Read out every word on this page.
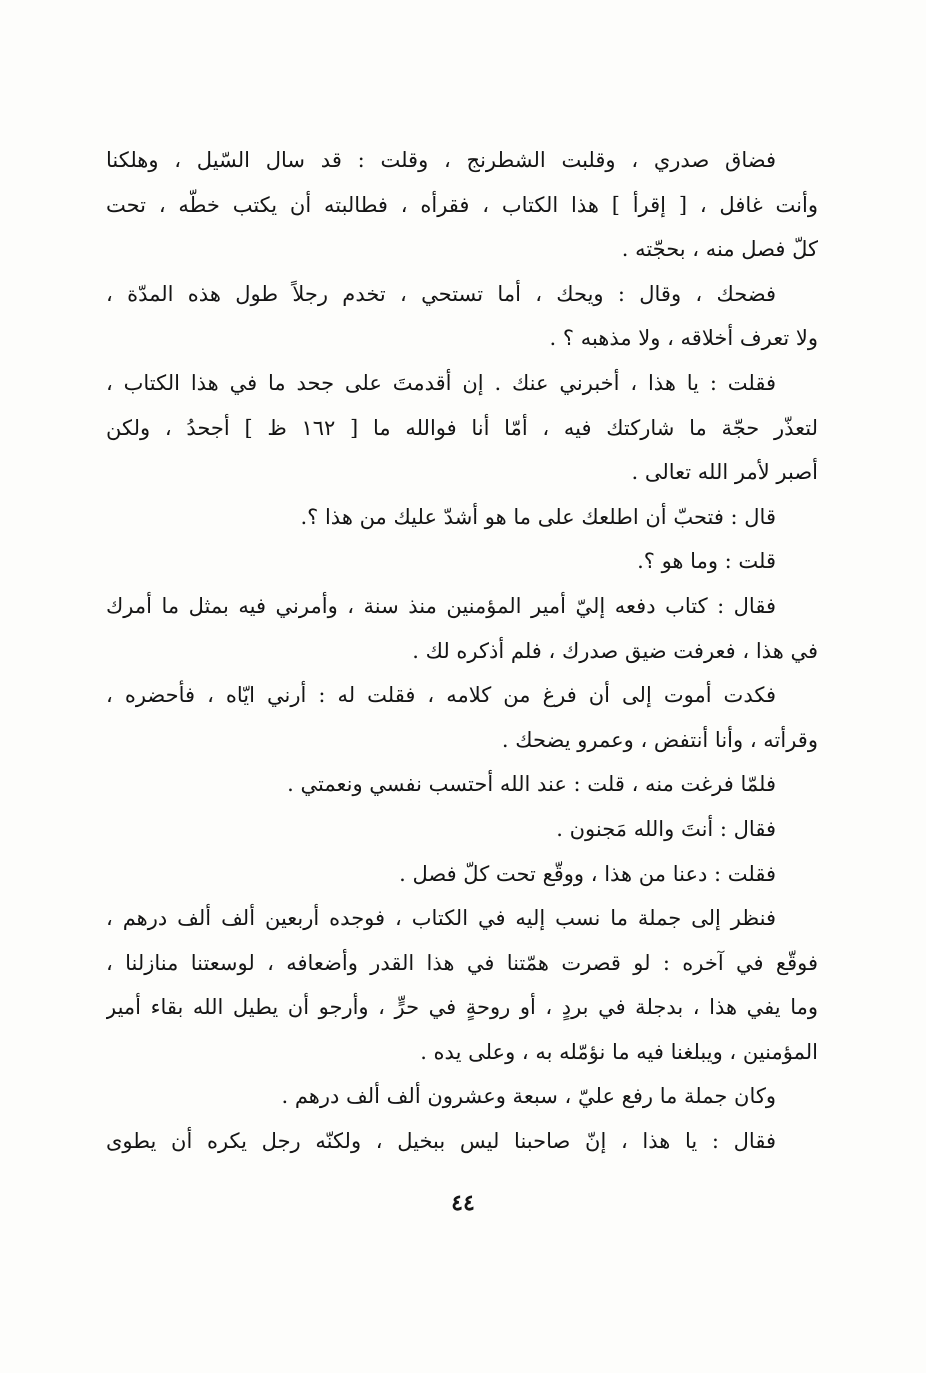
فضاق صدري ، وقلبت الشطرنج ، وقلت : قد سال السّيل ، وهلكنا
وأنت غافل ، [ إقرأ ] هذا الكتاب ، فقرأه ، فطالبته أن يكتب خطّه ، تحت
كلّ فصل منه ، بحجّته .
فضحك ، وقال : ويحك ، أما تستحي ، تخدم رجلاً طول هذه المدّة ،
ولا تعرف أخلاقه ، ولا مذهبه ؟ .
فقلت : يا هذا ، أخبرني عنك . إن أقدمتَ على جحد ما في هذا الكتاب ،
لتعذّر حجّة ما شاركتك فيه ، أمّا أنا فوالله ما [ ١٦٢ ظ ] أجحدُ ، ولكن
أصبر لأمر الله تعالى .
قال : فتحبّ أن اطلعك على ما هو أشدّ عليك من هذا ؟.
قلت : وما هو ؟.
فقال : كتاب دفعه إليّ أمير المؤمنين منذ سنة ، وأمرني فيه بمثل ما أمرك
في هذا ، فعرفت ضيق صدرك ، فلم أذكره لك .
فكدت أموت إلى أن فرغ من كلامه ، فقلت له : أرني ايّاه ، فأحضره ،
وقرأته ، وأنا أنتفض ، وعمرو يضحك .
فلمّا فرغت منه ، قلت : عند الله أحتسب نفسي ونعمتي .
فقال : أنتَ والله مَجنون .
فقلت : دعنا من هذا ، ووقّع تحت كلّ فصل .
فنظر إلى جملة ما نسب إليه في الكتاب ، فوجده أربعين ألف ألف درهم ،
فوقّع في آخره : لو قصرت همّتنا في هذا القدر وأضعافه ، لوسعتنا منازلنا ،
وما يفي هذا ، بدجلة في بردٍ ، أو روحةٍ في حرٍّ ، وأرجو أن يطيل الله بقاء أمير
المؤمنين ، ويبلغنا فيه ما نؤمّله به ، وعلى يده .
وكان جملة ما رفع عليّ ، سبعة وعشرون ألف ألف درهم .
فقال : يا هذا ، إنّ صاحبنا ليس ببخيل ، ولكنّه رجل يكره أن يطوى
٤٤
